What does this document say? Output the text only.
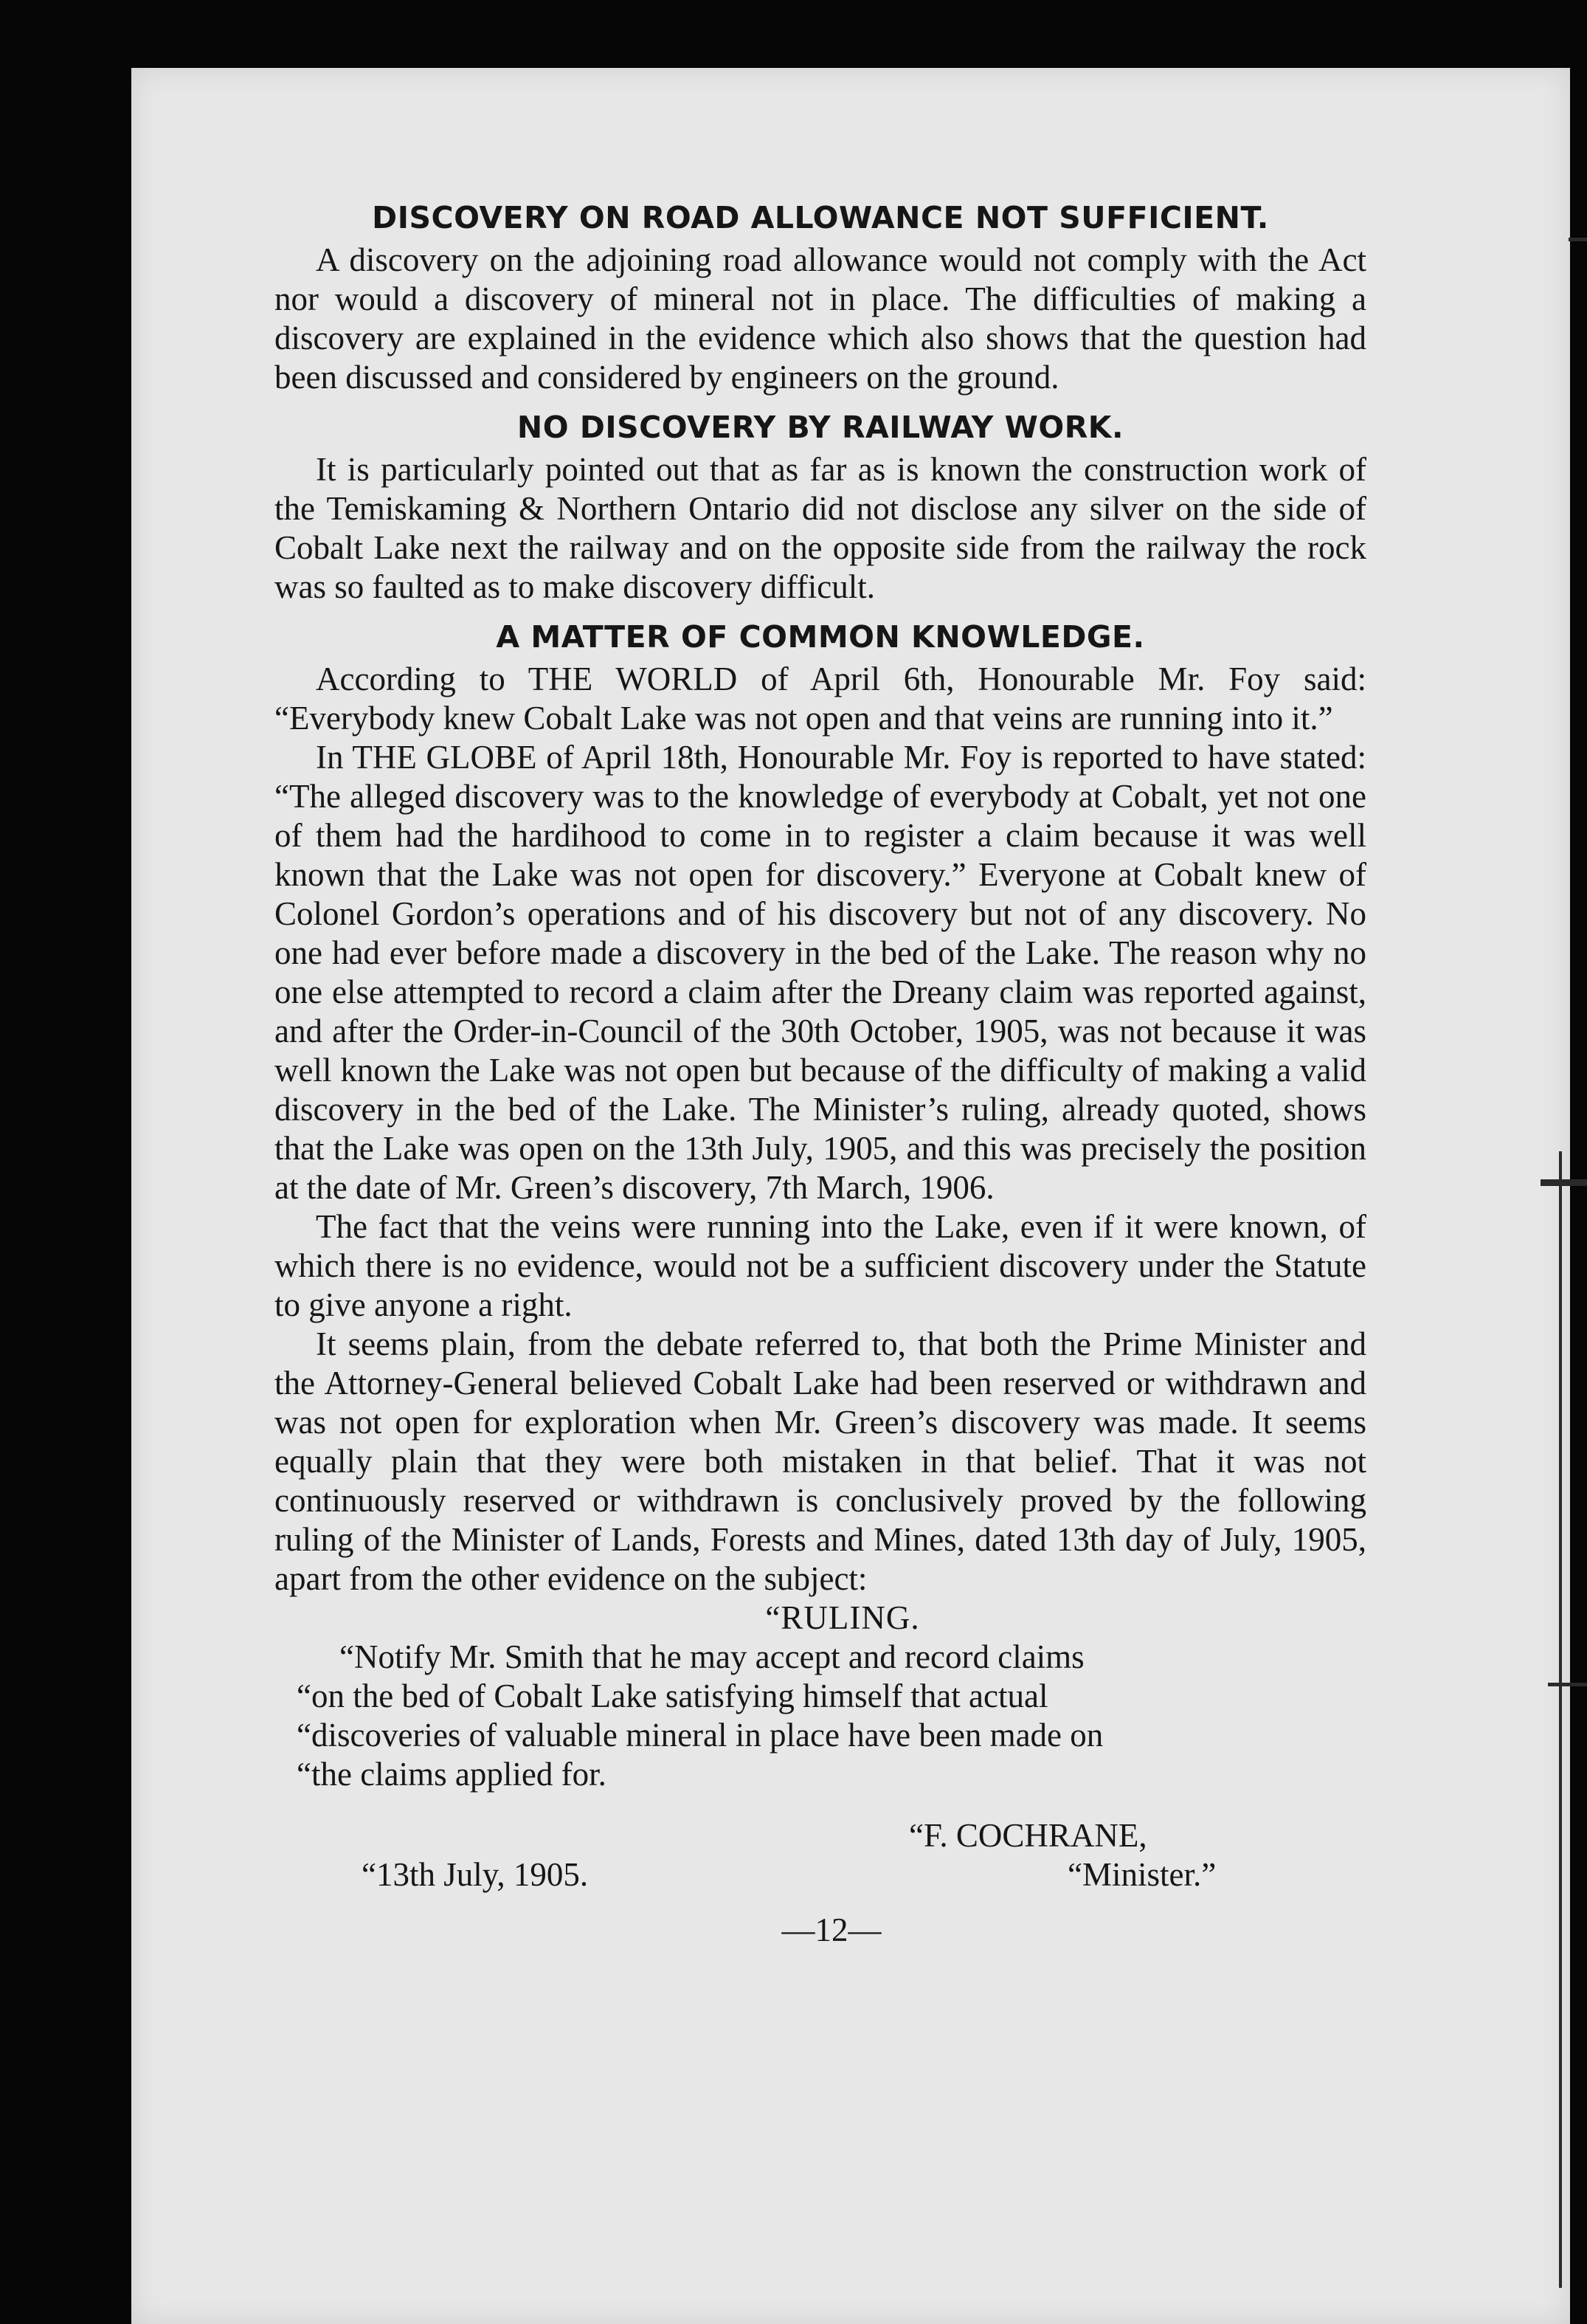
DISCOVERY ON ROAD ALLOWANCE NOT SUFFICIENT.

A discovery on the adjoining road allowance would not comply with the Act nor would a discovery of mineral not in place. The difficulties of making a discovery are explained in the evidence which also shows that the question had been discussed and considered by engineers on the ground.

NO DISCOVERY BY RAILWAY WORK.

It is particularly pointed out that as far as is known the construction work of the Temiskaming & Northern Ontario did not disclose any silver on the side of Cobalt Lake next the railway and on the opposite side from the railway the rock was so faulted as to make discovery difficult.

A MATTER OF COMMON KNOWLEDGE.

According to THE WORLD of April 6th, Honourable Mr. Foy said: “Everybody knew Cobalt Lake was not open and that veins are running into it.”

In THE GLOBE of April 18th, Honourable Mr. Foy is reported to have stated: “The alleged discovery was to the knowledge of everybody at Cobalt, yet not one of them had the hardihood to come in to register a claim because it was well known that the Lake was not open for discovery.” Everyone at Cobalt knew of Colonel Gordon’s operations and of his discovery but not of any discovery. No one had ever before made a discovery in the bed of the Lake. The reason why no one else attempted to record a claim after the Dreany claim was reported against, and after the Order-in-Council of the 30th October, 1905, was not because it was well known the Lake was not open but because of the difficulty of making a valid discovery in the bed of the Lake. The Minister’s ruling, already quoted, shows that the Lake was open on the 13th July, 1905, and this was precisely the position at the date of Mr. Green’s discovery, 7th March, 1906.

The fact that the veins were running into the Lake, even if it were known, of which there is no evidence, would not be a sufficient discovery under the Statute to give anyone a right.

It seems plain, from the debate referred to, that both the Prime Minister and the Attorney-General believed Cobalt Lake had been reserved or withdrawn and was not open for exploration when Mr. Green’s discovery was made. It seems equally plain that they were both mistaken in that belief. That it was not continuously reserved or withdrawn is conclusively proved by the following ruling of the Minister of Lands, Forests and Mines, dated 13th day of July, 1905, apart from the other evidence on the subject:

“RULING.
“Notify Mr. Smith that he may accept and record claims
“on the bed of Cobalt Lake satisfying himself that actual
“discoveries of valuable mineral in place have been made on
“the claims applied for.
“F. COCHRANE,
“13th July, 1905.	“Minister.”
—12—
